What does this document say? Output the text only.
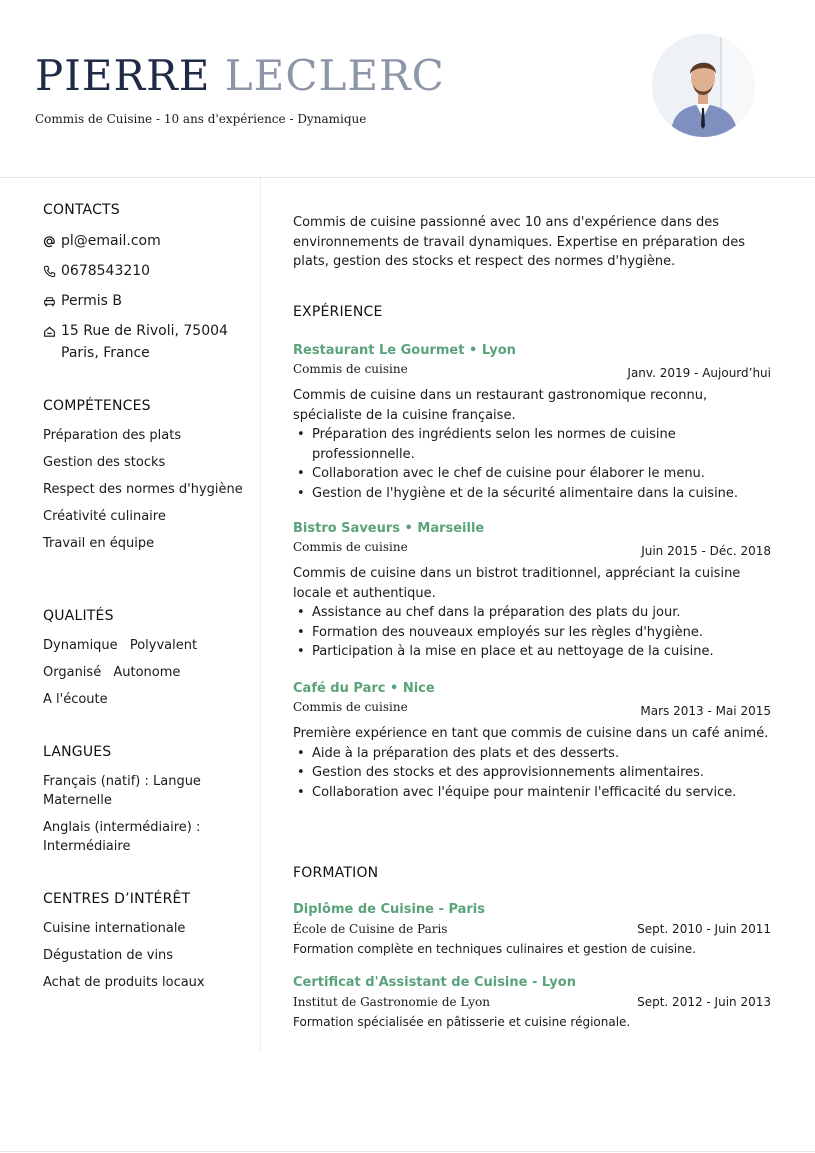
PIERRE LECLERC
Commis de Cuisine - 10 ans d'expérience - Dynamique
CONTACTS
pl@email.com
0678543210
Permis B
15 Rue de Rivoli, 75004 Paris, France
COMPÉTENCES
Préparation des plats
Gestion des stocks
Respect des normes d'hygiène
Créativité culinaire
Travail en équipe
QUALITÉS
Dynamique Polyvalent
Organisé Autonome
A l'écoute
LANGUES
Français (natif) : Langue Maternelle
Anglais (intermédiaire) : Intermédiaire
CENTRES D’INTÉRÊT
Cuisine internationale
Dégustation de vins
Achat de produits locaux
Commis de cuisine passionné avec 10 ans d'expérience dans des environnements de travail dynamiques. Expertise en préparation des plats, gestion des stocks et respect des normes d'hygiène.
EXPÉRIENCE
Restaurant Le Gourmet • Lyon
Commis de cuisine	Janv. 2019 - Aujourd’hui
Commis de cuisine dans un restaurant gastronomique reconnu, spécialiste de la cuisine française.
• Préparation des ingrédients selon les normes de cuisine professionnelle.
• Collaboration avec le chef de cuisine pour élaborer le menu.
• Gestion de l'hygiène et de la sécurité alimentaire dans la cuisine.
Bistro Saveurs • Marseille
Commis de cuisine	Juin 2015 - Déc. 2018
Commis de cuisine dans un bistrot traditionnel, appréciant la cuisine locale et authentique.
• Assistance au chef dans la préparation des plats du jour.
• Formation des nouveaux employés sur les règles d'hygiène.
• Participation à la mise en place et au nettoyage de la cuisine.
Café du Parc • Nice
Commis de cuisine	Mars 2013 - Mai 2015
Première expérience en tant que commis de cuisine dans un café animé.
• Aide à la préparation des plats et des desserts.
• Gestion des stocks et des approvisionnements alimentaires.
• Collaboration avec l'équipe pour maintenir l'efficacité du service.
FORMATION
Diplôme de Cuisine - Paris
École de Cuisine de Paris	Sept. 2010 - Juin 2011
Formation complète en techniques culinaires et gestion de cuisine.
Certificat d'Assistant de Cuisine - Lyon
Institut de Gastronomie de Lyon	Sept. 2012 - Juin 2013
Formation spécialisée en pâtisserie et cuisine régionale.
